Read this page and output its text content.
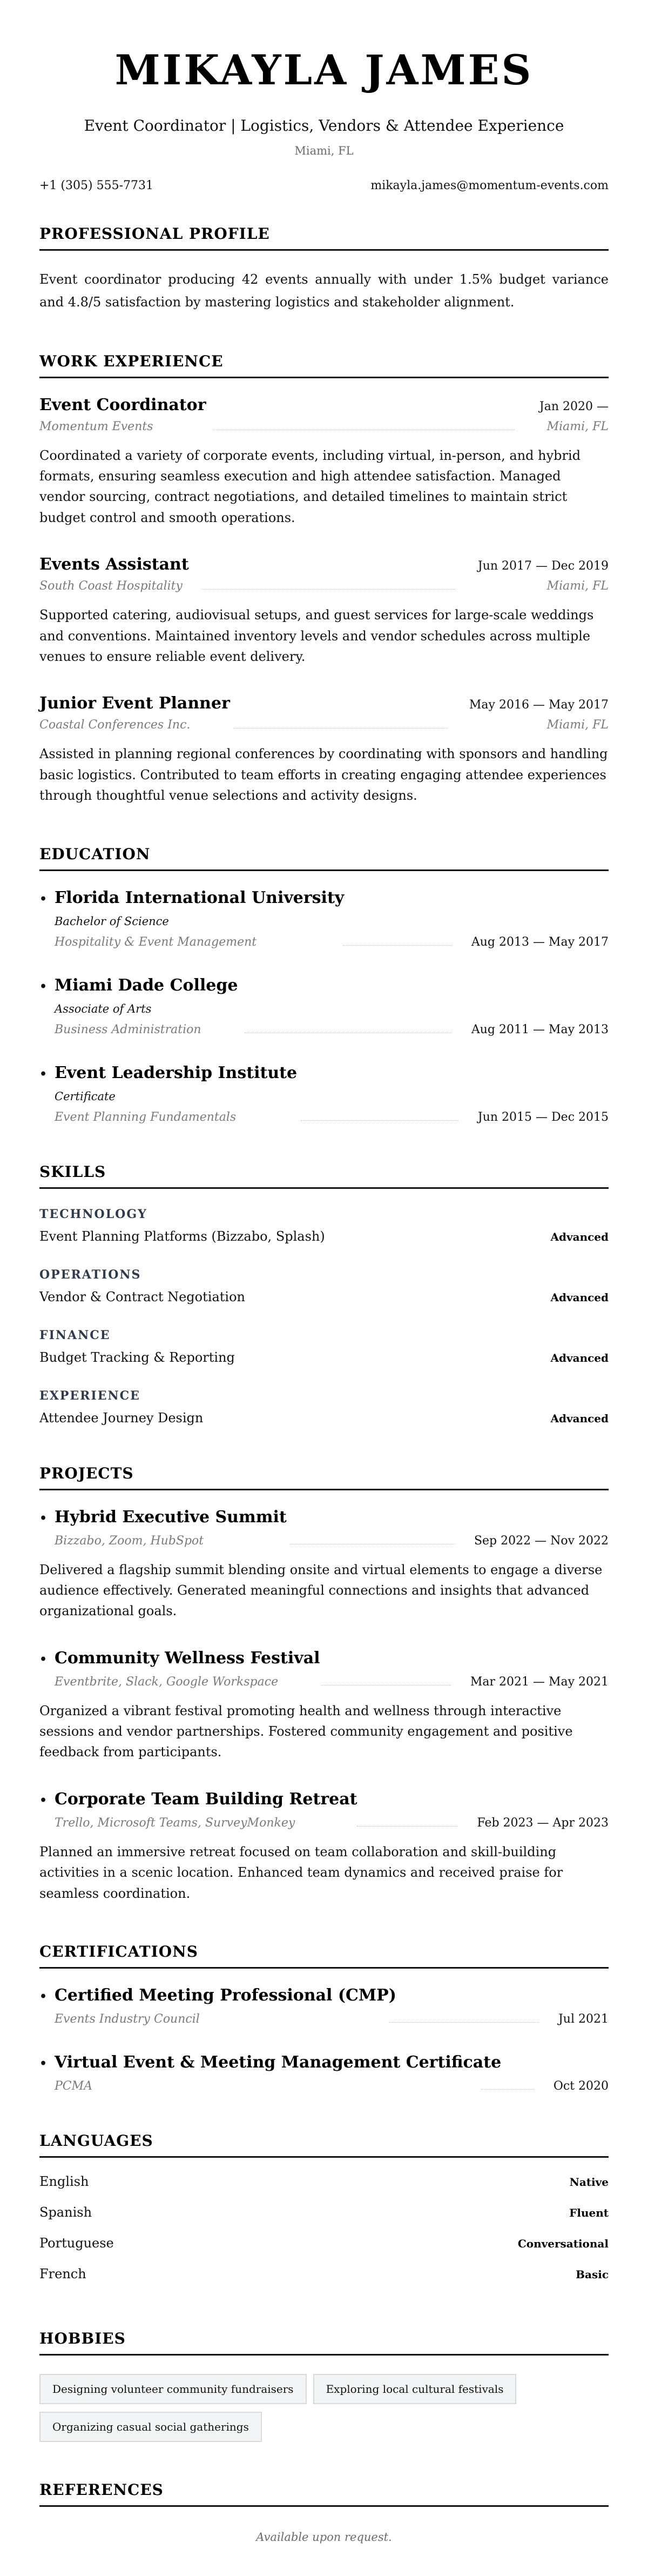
MIKAYLA JAMES
Event Coordinator | Logistics, Vendors & Attendee Experience
Miami, FL
+1 (305) 555-7731	mikayla.james@momentum-events.com
PROFESSIONAL PROFILE

Event coordinator producing 42 events annually with under 1.5% budget variance and 4.8/5 satisfaction by mastering logistics and stakeholder alignment.

WORK EXPERIENCE
Event Coordinator	Jan 2020 —
Momentum Events	Miami, FL

Coordinated a variety of corporate events, including virtual, in-person, and hybrid formats, ensuring seamless execution and high attendee satisfaction. Managed vendor sourcing, contract negotiations, and detailed timelines to maintain strict budget control and smooth operations.

Events Assistant	Jun 2017 — Dec 2019
South Coast Hospitality	Miami, FL

Supported catering, audiovisual setups, and guest services for large-scale weddings and conventions. Maintained inventory levels and vendor schedules across multiple venues to ensure reliable event delivery.

Junior Event Planner	May 2016 — May 2017
Coastal Conferences Inc.	Miami, FL

Assisted in planning regional conferences by coordinating with sponsors and handling basic logistics. Contributed to team efforts in creating engaging attendee experiences through thoughtful venue selections and activity designs.

EDUCATION
• Florida International University
Bachelor of Science
Hospitality & Event Management	Aug 2013 — May 2017
• Miami Dade College
Associate of Arts
Business Administration	Aug 2011 — May 2013
• Event Leadership Institute
Certificate
Event Planning Fundamentals	Jun 2015 — Dec 2015
SKILLS
TECHNOLOGY
Event Planning Platforms (Bizzabo, Splash)	Advanced
OPERATIONS
Vendor & Contract Negotiation	Advanced
FINANCE
Budget Tracking & Reporting	Advanced
EXPERIENCE
Attendee Journey Design	Advanced
PROJECTS
• Hybrid Executive Summit
Bizzabo, Zoom, HubSpot	Sep 2022 — Nov 2022

Delivered a flagship summit blending onsite and virtual elements to engage a diverse audience effectively. Generated meaningful connections and insights that advanced organizational goals.

• Community Wellness Festival
Eventbrite, Slack, Google Workspace	Mar 2021 — May 2021

Organized a vibrant festival promoting health and wellness through interactive sessions and vendor partnerships. Fostered community engagement and positive feedback from participants.

• Corporate Team Building Retreat
Trello, Microsoft Teams, SurveyMonkey	Feb 2023 — Apr 2023

Planned an immersive retreat focused on team collaboration and skill-building activities in a scenic location. Enhanced team dynamics and received praise for seamless coordination.

CERTIFICATIONS
• Certified Meeting Professional (CMP)
Events Industry Council	Jul 2021
• Virtual Event & Meeting Management Certificate
PCMA	Oct 2020
LANGUAGES
English	Native
Spanish	Fluent
Portuguese	Conversational
French	Basic
HOBBIES
Designing volunteer community fundraisers	Exploring local cultural festivals
Organizing casual social gatherings
REFERENCES

Available upon request.
